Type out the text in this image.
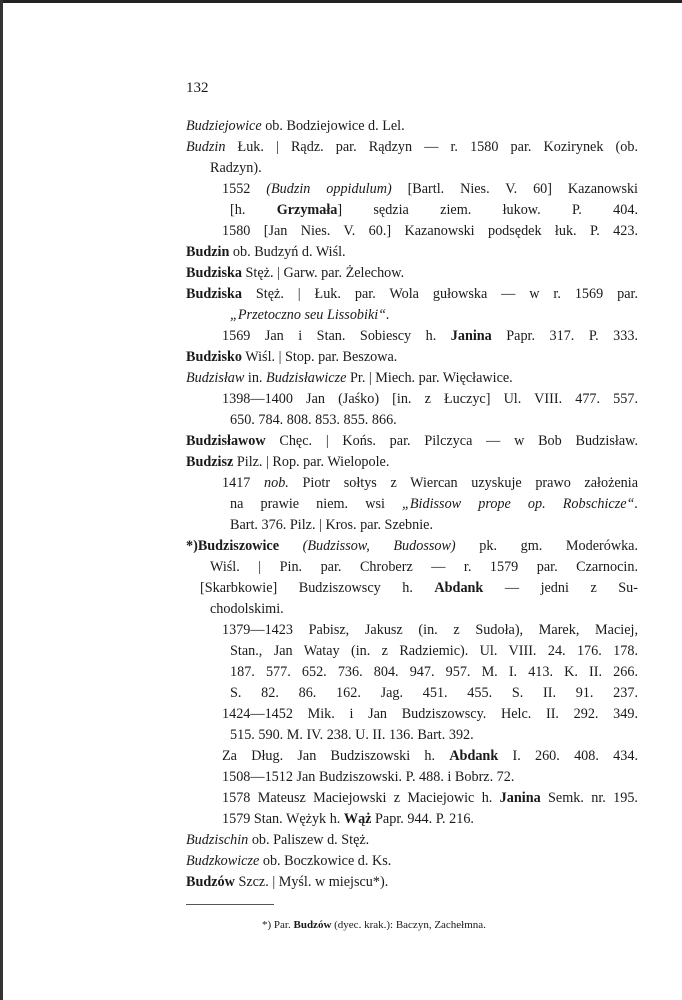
132
Budziejowice ob. Bodziejowice d. Lel.
Budzin Łuk. | Rądz. par. Rądzyn — r. 1580 par. Kozirynek (ob.
Radzyn).
1552 (Budzin oppidulum) [Bartl. Nies. V. 60] Kazanowski
[h. Grzymała] sędzia ziem. łukow. P. 404.
1580 [Jan Nies. V. 60.] Kazanowski podsędek łuk. P. 423.
Budzin ob. Budzyń d. Wiśl.
Budziska Stęż. | Garw. par. Żelechow.
Budziska Stęż. | Łuk. par. Wola gułowska — w r. 1569 par.
„Przetoczno seu Lissobiki“.
1569 Jan i Stan. Sobiescy h. Janina Papr. 317. P. 333.
Budzisko Wiśl. | Stop. par. Beszowa.
Budzisław in. Budzisławicze Pr. | Miech. par. Więcławice.
1398—1400 Jan (Jaśko) [in. z Łuczyc] Ul. VIII. 477. 557.
650. 784. 808. 853. 855. 866.
Budzisławow Chęc. | Końs. par. Pilczyca — w Bob Budzisław.
Budzisz Pilz. | Rop. par. Wielopole.
1417 nob. Piotr sołtys z Wiercan uzyskuje prawo założenia
na prawie niem. wsi „Bidissow prope op. Robschicze“.
Bart. 376. Pilz. | Kros. par. Szebnie.
*)Budziszowice (Budzissow, Budossow) pk. gm. Moderówka.
Wiśl. | Pin. par. Chroberz — r. 1579 par. Czarnocin.
[Skarbkowie] Budziszowscy h. Abdank — jedni z Su-
chodolskimi.
1379—1423 Pabisz, Jakusz (in. z Sudoła), Marek, Maciej,
Stan., Jan Watay (in. z Radziemic). Ul. VIII. 24. 176. 178.
187. 577. 652. 736. 804. 947. 957. M. I. 413. K. II. 266.
S. 82. 86. 162. Jag. 451. 455. S. II. 91. 237.
1424—1452 Mik. i Jan Budziszowscy. Helc. II. 292. 349.
515. 590. M. IV. 238. U. II. 136. Bart. 392.
Za Dług. Jan Budziszowski h. Abdank I. 260. 408. 434.
1508—1512 Jan Budziszowski. P. 488. i Bobrz. 72.
1578 Mateusz Maciejowski z Maciejowic h. Janina Semk. nr. 195.
1579 Stan. Wężyk h. Wąż Papr. 944. P. 216.
Budzischin ob. Paliszew d. Stęż.
Budzkowicze ob. Boczkowice d. Ks.
Budzów Szcz. | Myśl. w miejscu*).
*) Par. Budzów (dyec. krak.): Baczyn, Zachełmna.
